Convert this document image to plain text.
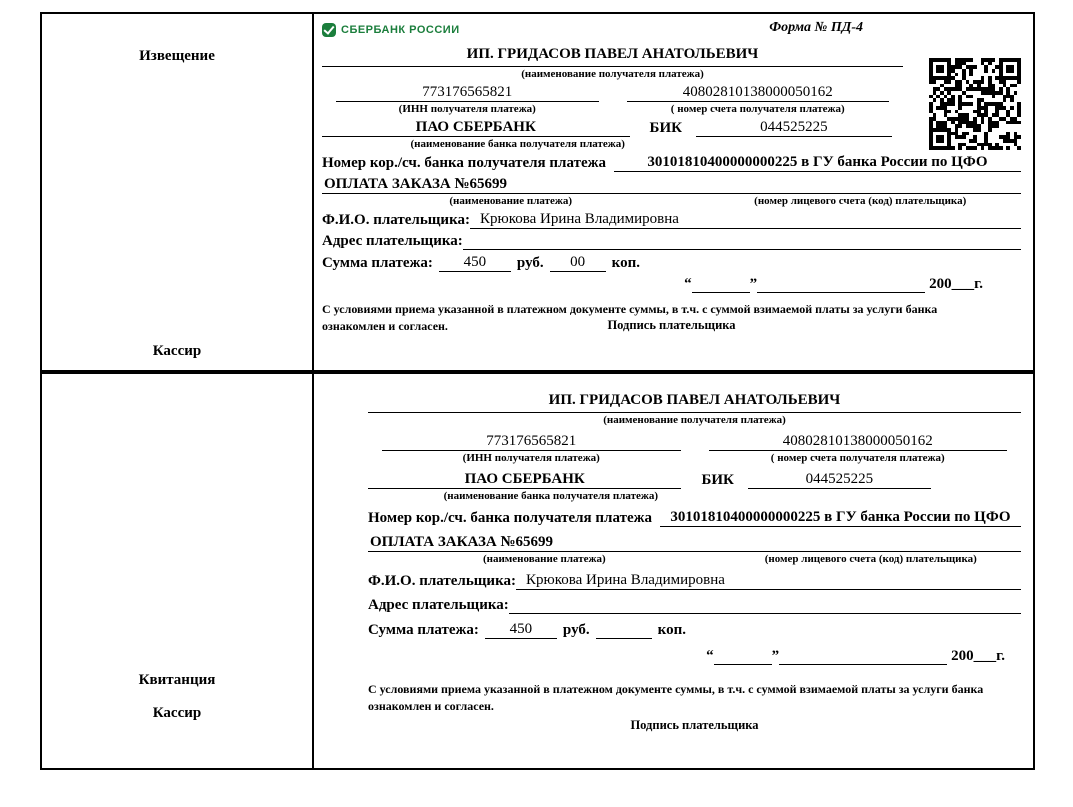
Извещение
Кассир
СБЕРБАНК РОССИИ	Форма № ПД-4
ИП. ГРИДАСОВ ПАВЕЛ АНАТОЛЬЕВИЧ
(наименование получателя платежа)
773176565821	40802810138000050162
(ИНН получателя платежа)	( номер счета получателя платежа)
ПАО СБЕРБАНК	БИК	044525225
(наименование банка получателя платежа)
Номер кор./сч. банка получателя платежа	30101810400000000225 в ГУ банка России по ЦФО
ОПЛАТА ЗАКАЗА №65699
(наименование платежа)	(номер лицевого счета (код) плательщика)
Ф.И.О. плательщика: Крюкова Ирина Владимировна
Адрес плательщика:
Сумма платежа:	450	руб.	00	коп.
“	”	200___г.
С условиями приема указанной в платежном документе суммы, в т.ч. с суммой взимаемой платы за услуги банка ознакомлен и согласен.	Подпись плательщика
Квитанция
Кассир
ИП. ГРИДАСОВ ПАВЕЛ АНАТОЛЬЕВИЧ
(наименование получателя платежа)
773176565821	40802810138000050162
(ИНН получателя платежа)	( номер счета получателя платежа)
ПАО СБЕРБАНК	БИК	044525225
(наименование банка получателя платежа)
Номер кор./сч. банка получателя платежа	30101810400000000225 в ГУ банка России по ЦФО
ОПЛАТА ЗАКАЗА №65699
(наименование платежа)	(номер лицевого счета (код) плательщика)
Ф.И.О. плательщика: Крюкова Ирина Владимировна
Адрес плательщика:
Сумма платежа:	450	руб.	коп.
“	”	200___г.
С условиями приема указанной в платежном документе суммы, в т.ч. с суммой взимаемой платы за услуги банка ознакомлен и согласен.
Подпись плательщика
